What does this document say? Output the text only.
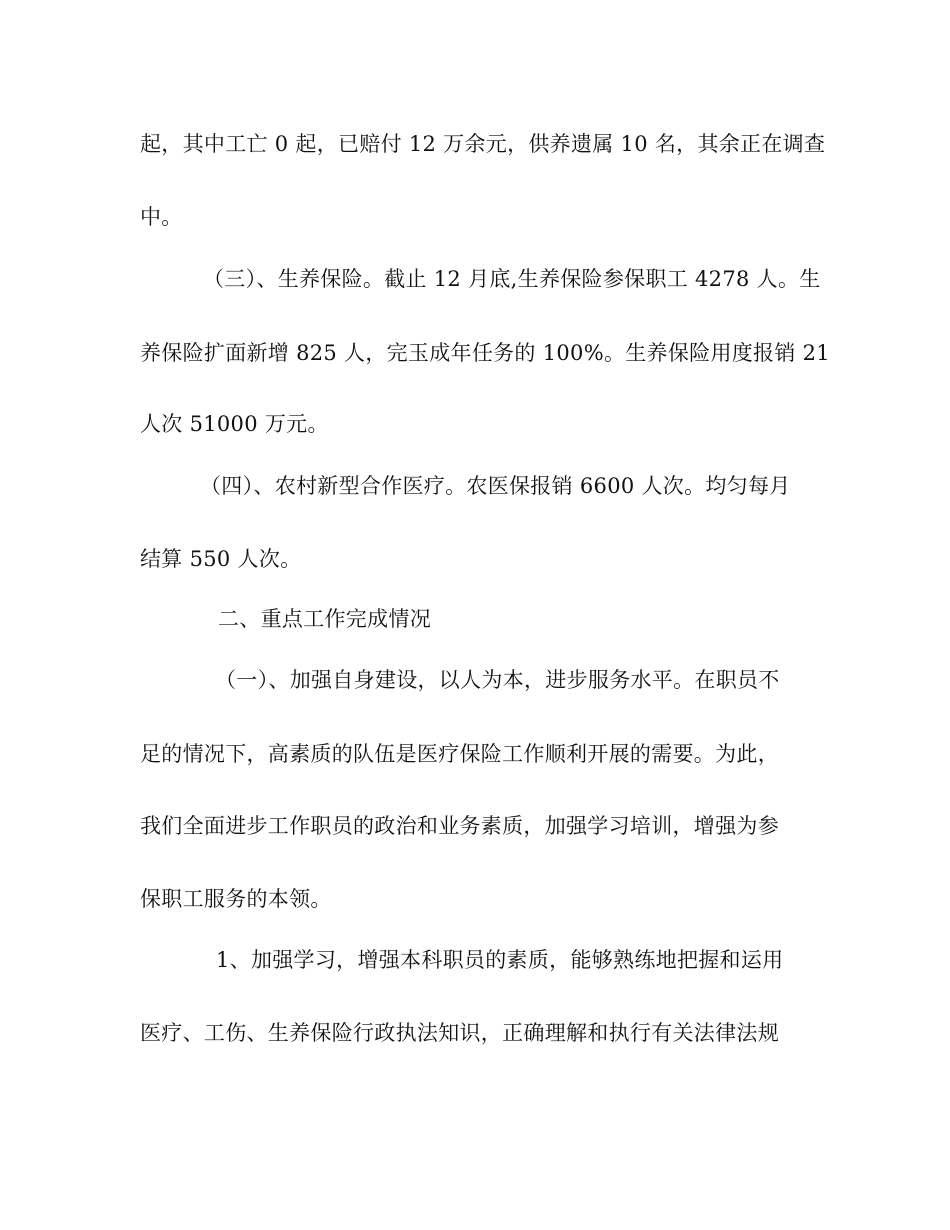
起，其中工亡 0 起，已赔付 12 万余元，供养遗属 10 名，其余正在调查
中。
（三）、生养保险。截止 12 月底,生养保险参保职工 4278 人。生
养保险扩面新增 825 人，完玉成年任务的 100%。生养保险用度报销 21
人次 51000 万元。
（四）、农村新型合作医疗。农医保报销 6600 人次。均匀每月
结算 550 人次。
二、重点工作完成情况
（一）、加强自身建设，以人为本，进步服务水平。在职员不
足的情况下，高素质的队伍是医疗保险工作顺利开展的需要。为此，
我们全面进步工作职员的政治和业务素质，加强学习培训，增强为参
保职工服务的本领。
1、加强学习，增强本科职员的素质，能够熟练地把握和运用
医疗、工伤、生养保险行政执法知识，正确理解和执行有关法律法规
